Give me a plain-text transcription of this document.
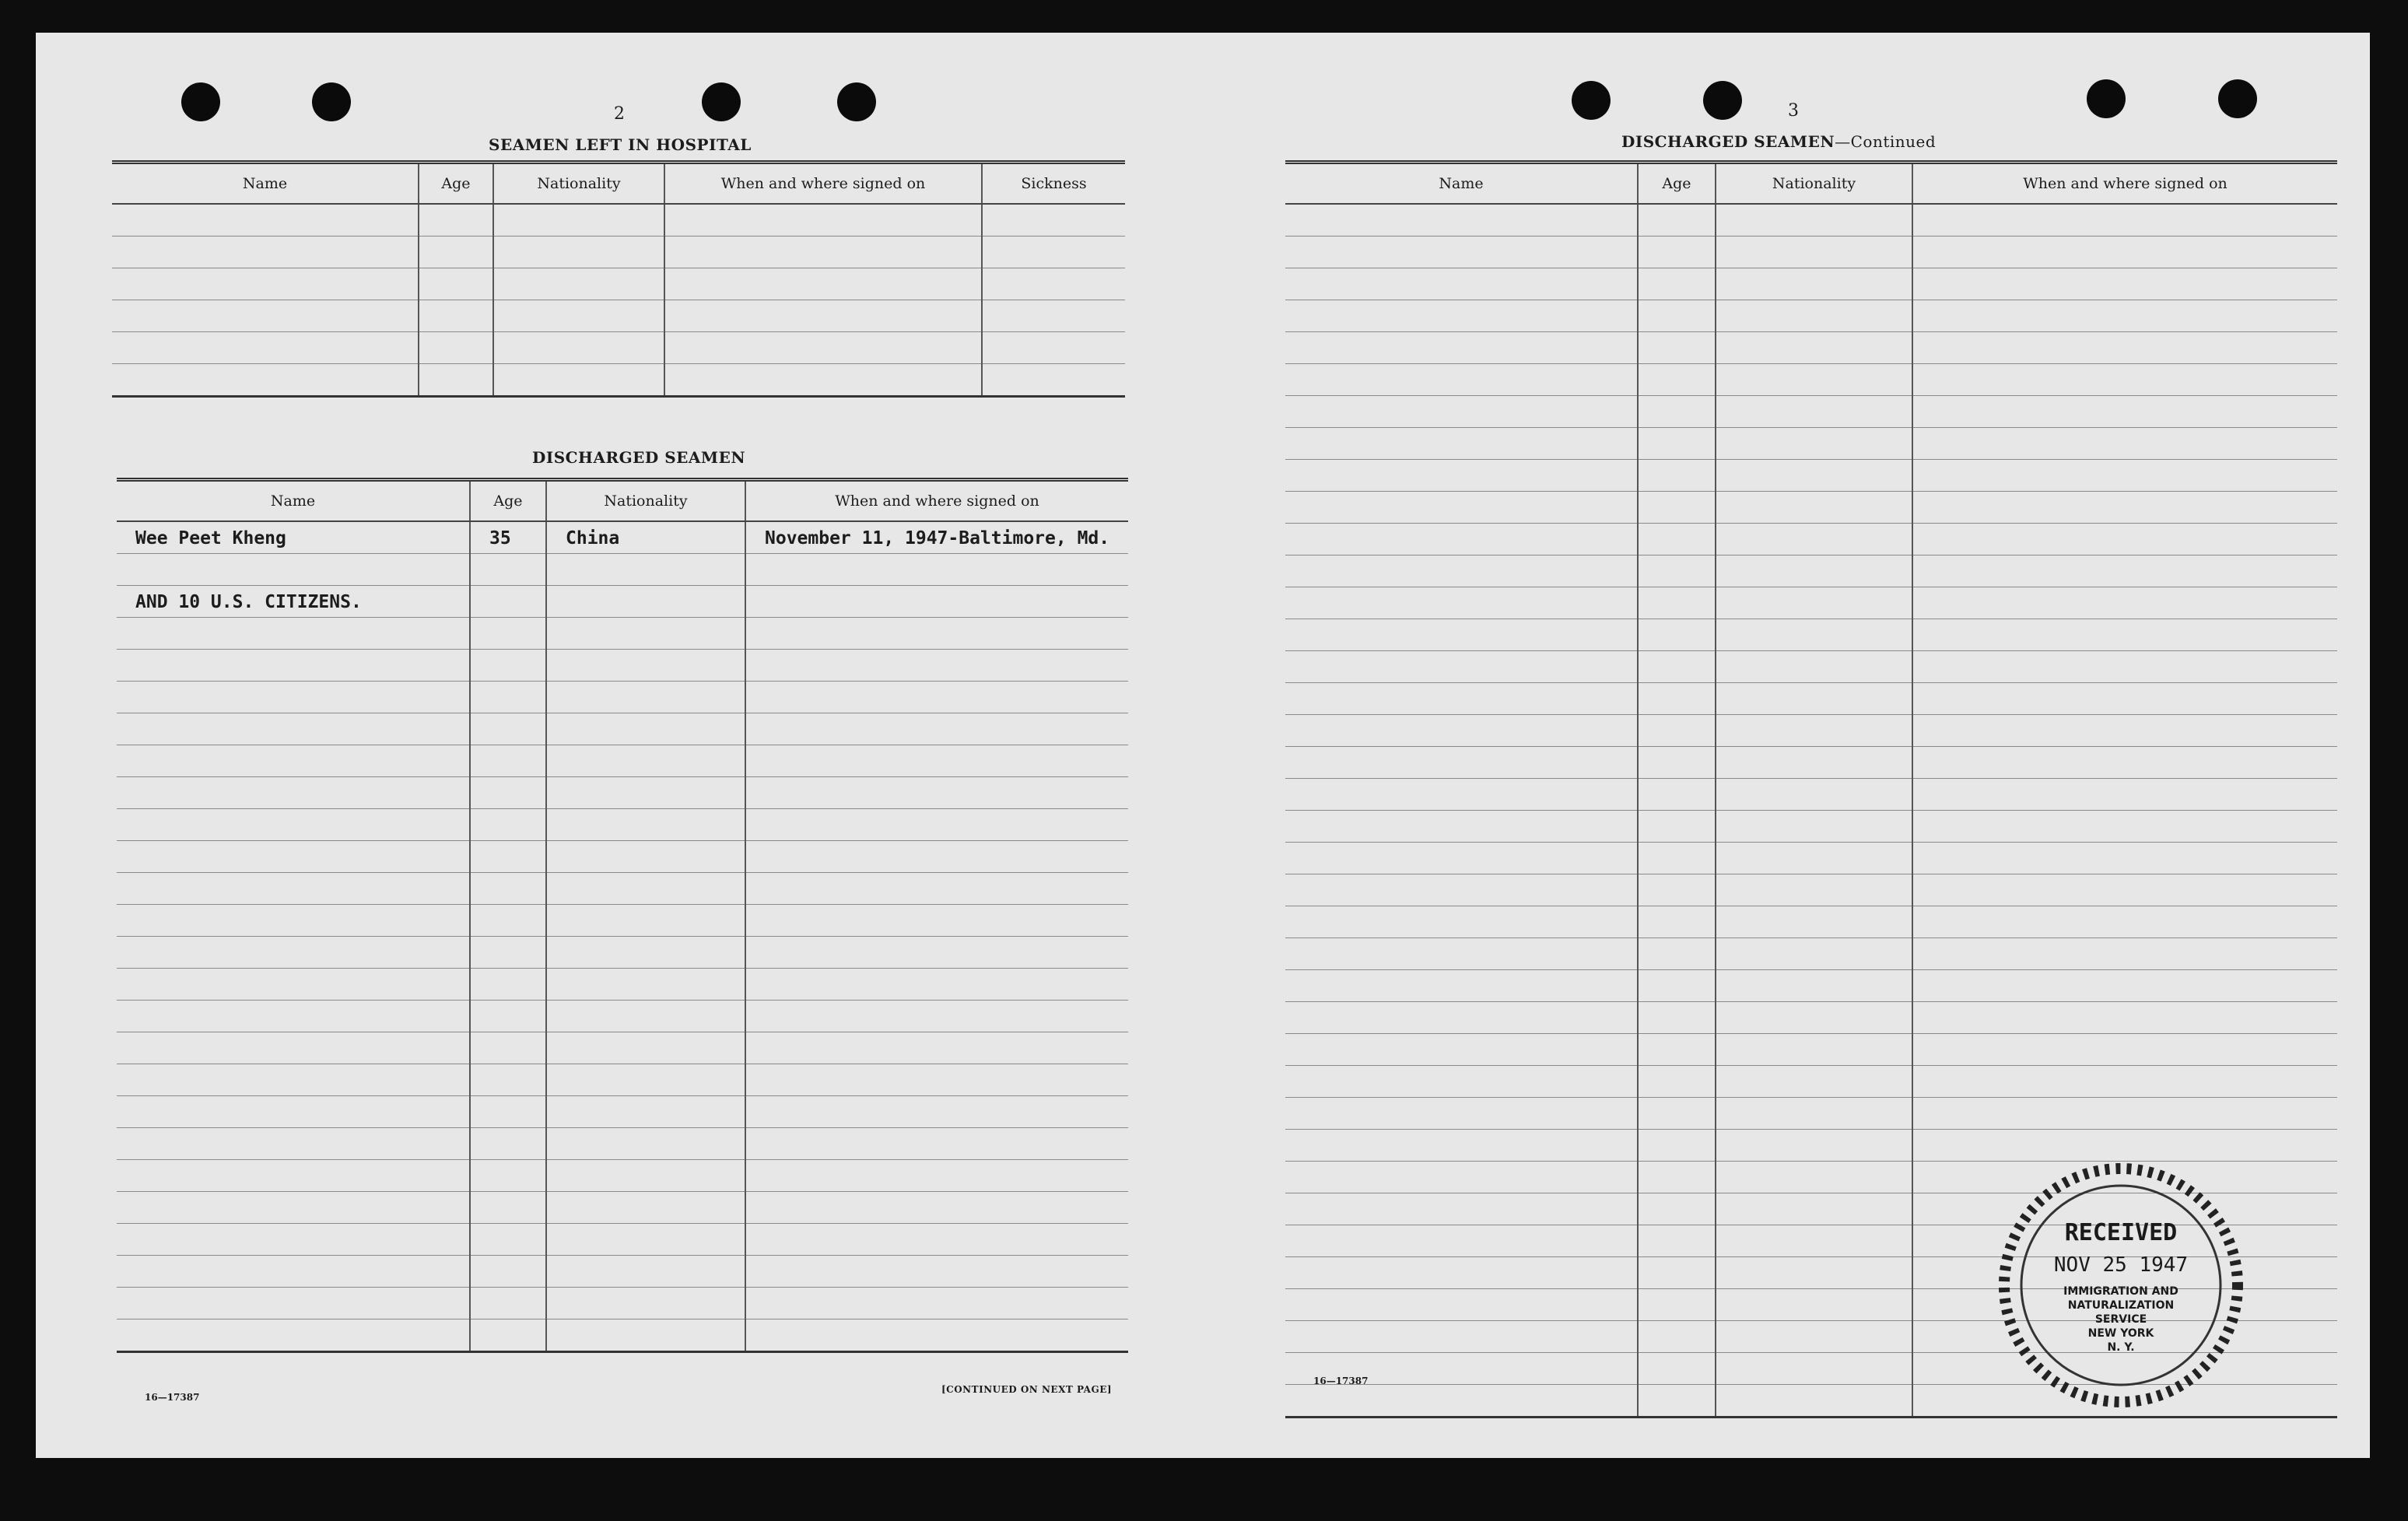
2
SEAMEN LEFT IN HOSPITAL
Name	Age	Nationality	When and where signed on	Sickness

DISCHARGED SEAMEN
Name	Age	Nationality	When and where signed on
Wee Peet Kheng	35	China	November 11, 1947-Baltimore, Md.

AND 10 U.S. CITIZENS.			

16—17387
[CONTINUED ON NEXT PAGE]
3
DISCHARGED SEAMEN—Continued
Name	Age	Nationality	When and where signed on

16—17387
RECEIVED
NOV 25 1947
IMMIGRATION AND
NATURALIZATION
SERVICE
NEW YORK
N. Y.
